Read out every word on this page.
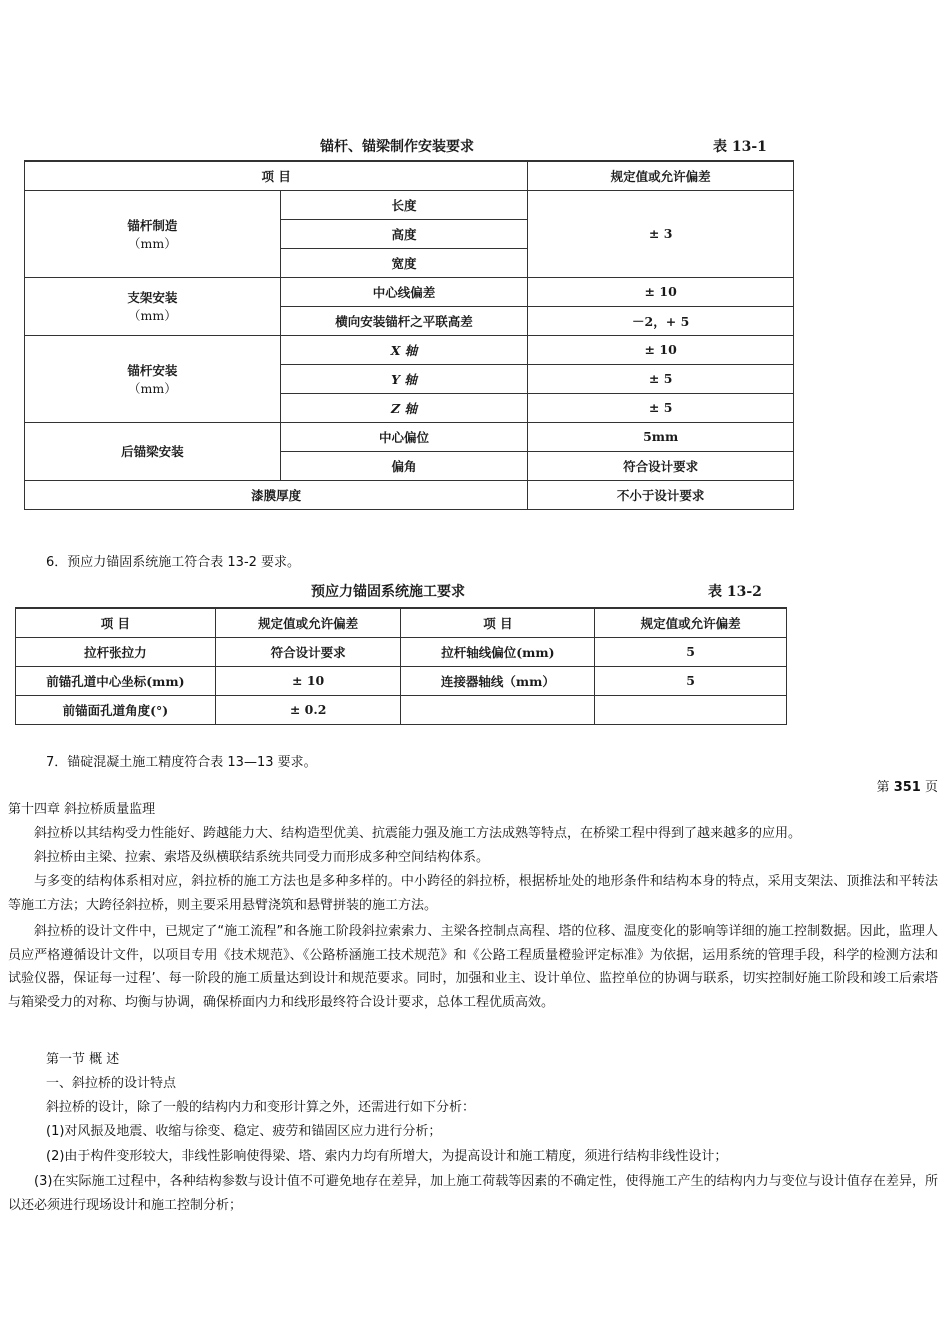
锚杆、锚梁制作安装要求	表 13-1
项 目		规定值或允许偏差
锚杆制造
（mm）	长度	± 3
	高度	
	宽度	
支架安装
（mm）	中心线偏差	± 10
	横向安装锚杆之平联高差	－2，+ 5
锚杆安装
（mm）	X 轴	± 10
	Y 轴	± 5
	Z 轴	± 5
后锚梁安装	中心偏位	5mm
	偏角	符合设计要求
漆膜厚度		不小于设计要求
6．预应力锚固系统施工符合表 13-2 要求。
预应力锚固系统施工要求	表 13-2
项 目	规定值或允许偏差	项 目	规定值或允许偏差
拉杆张拉力	符合设计要求	拉杆轴线偏位(mm)	5
前锚孔道中心坐标(mm)	± 10	连接器轴线（mm）	5
前锚面孔道角度(°)	± 0.2		
7．锚碇混凝土施工精度符合表 13—13 要求。
第 351 页
第十四章 斜拉桥质量监理
斜拉桥以其结构受力性能好、跨越能力大、结构造型优美、抗震能力强及施工方法成熟等特点，在桥梁工程中得到了越来越多的应用。
斜拉桥由主梁、拉索、索塔及纵横联结系统共同受力而形成多种空间结构体系。
与多变的结构体系相对应，斜拉桥的施工方法也是多种多样的。中小跨径的斜拉桥，根据桥址处的地形条件和结构本身的特点，采用支架法、顶推法和平转法等施工方法；大跨径斜拉桥，则主要采用悬臂浇筑和悬臂拼装的施工方法。
斜拉桥的设计文件中，已规定了“施工流程”和各施工阶段斜拉索索力、主梁各控制点高程、塔的位移、温度变化的影响等详细的施工控制数据。因此，监理人员应严格遵循设计文件，以项目专用《技术规范》、《公路桥涵施工技术规范》和《公路工程质量橙验评定标准》为依据，运用系统的管理手段，科学的检测方法和试验仪器，保证每一过程’、每一阶段的施工质量达到设计和规范要求。同时，加强和业主、设计单位、监控单位的协调与联系，切实控制好施工阶段和竣工后索塔与箱梁受力的对称、均衡与协调，确保桥面内力和线形最终符合设计要求，总体工程优质高效。
第一节 概 述
一、斜拉桥的设计特点
斜拉桥的设计，除了一般的结构内力和变形计算之外，还需进行如下分析：
(1)对风振及地震、收缩与徐变、稳定、疲劳和锚固区应力进行分析；
(2)由于构件变形较大，非线性影响使得梁、塔、索内力均有所增大，为提高设计和施工精度，须进行结构非线性设计；
(3)在实际施工过程中，各种结构参数与设计值不可避免地存在差异，加上施工荷载等因素的不确定性，使得施工产生的结构内力与变位与设计值存在差异，所以还必须进行现场设计和施工控制分析；
